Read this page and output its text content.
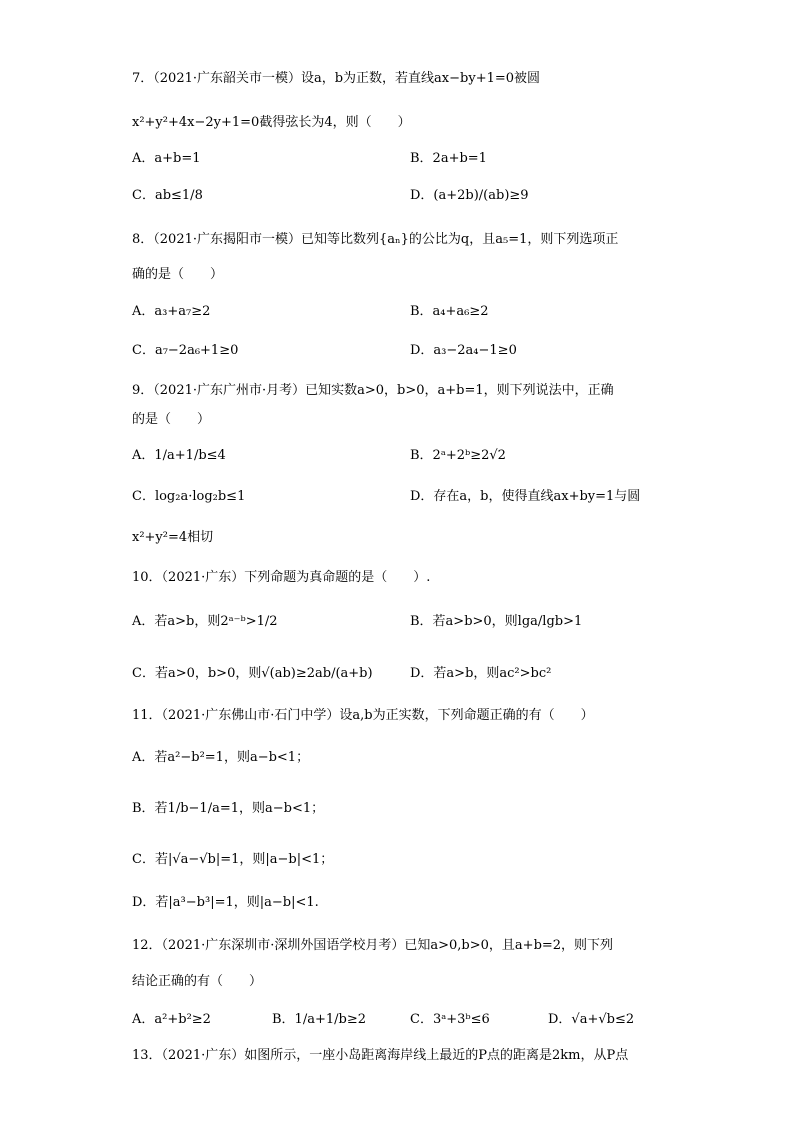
7．（2021·广东韶关市一模）设a，b为正数，若直线ax−by+1=0被圆
x²+y²+4x−2y+1=0截得弦长为4，则（　　）
A．a+b=1	B．2a+b=1
C．ab≤1/8	D．(a+2b)/(ab)≥9
8．（2021·广东揭阳市一模）已知等比数列{aₙ}的公比为q，且a₅=1，则下列选项正
确的是（　　）
A．a₃+a₇≥2	B．a₄+a₆≥2
C．a₇−2a₆+1≥0	D．a₃−2a₄−1≥0
9．（2021·广东广州市·月考）已知实数a>0，b>0，a+b=1，则下列说法中，正确
的是（　　）
A．1/a+1/b≤4	B．2ᵃ+2ᵇ≥2√2
C．log₂a·log₂b≤1	D．存在a，b，使得直线ax+by=1与圆
x²+y²=4相切
10．（2021·广东）下列命题为真命题的是（　　）.
A．若a>b，则2ᵃ⁻ᵇ>1/2	B．若a>b>0，则lga/lgb>1
C．若a>0，b>0，则√(ab)≥2ab/(a+b)	D．若a>b，则ac²>bc²
11．（2021·广东佛山市·石门中学）设a,b为正实数，下列命题正确的有（　　）
A．若a²−b²=1，则a−b<1；
B．若1/b−1/a=1，则a−b<1；
C．若|√a−√b|=1，则|a−b|<1；
D．若|a³−b³|=1，则|a−b|<1.
12．（2021·广东深圳市·深圳外国语学校月考）已知a>0,b>0，且a+b=2，则下列
结论正确的有（　　）
A．a²+b²≥2	B．1/a+1/b≥2	C．3ᵃ+3ᵇ≤6	D．√a+√b≤2
13．（2021·广东）如图所示，一座小岛距离海岸线上最近的P点的距离是2km，从P点
